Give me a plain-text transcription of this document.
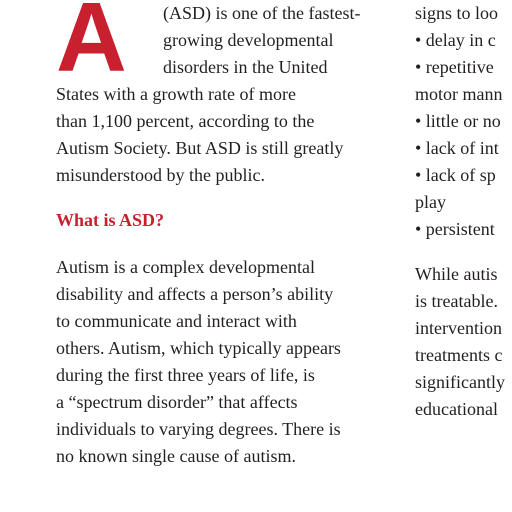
A (ASD) is one of the fastest-

growing developmental

disorders in the United

States with a growth rate of more

than 1,100 percent, according to the

Autism Society. But ASD is still greatly

misunderstood by the public.

What is ASD?

Autism is a complex developmental

disability and affects a person’s ability

to communicate and interact with

others. Autism, which typically appears

during the first three years of life, is

a “spectrum disorder” that affects

individuals to varying degrees. There is

no known single cause of autism.

signs to loo

• delay in c

• repetitive

motor mann

• little or no

• lack of int

• lack of sp

play

• persistent

While autis

is treatable.

intervention

treatments c

significantly

educational
